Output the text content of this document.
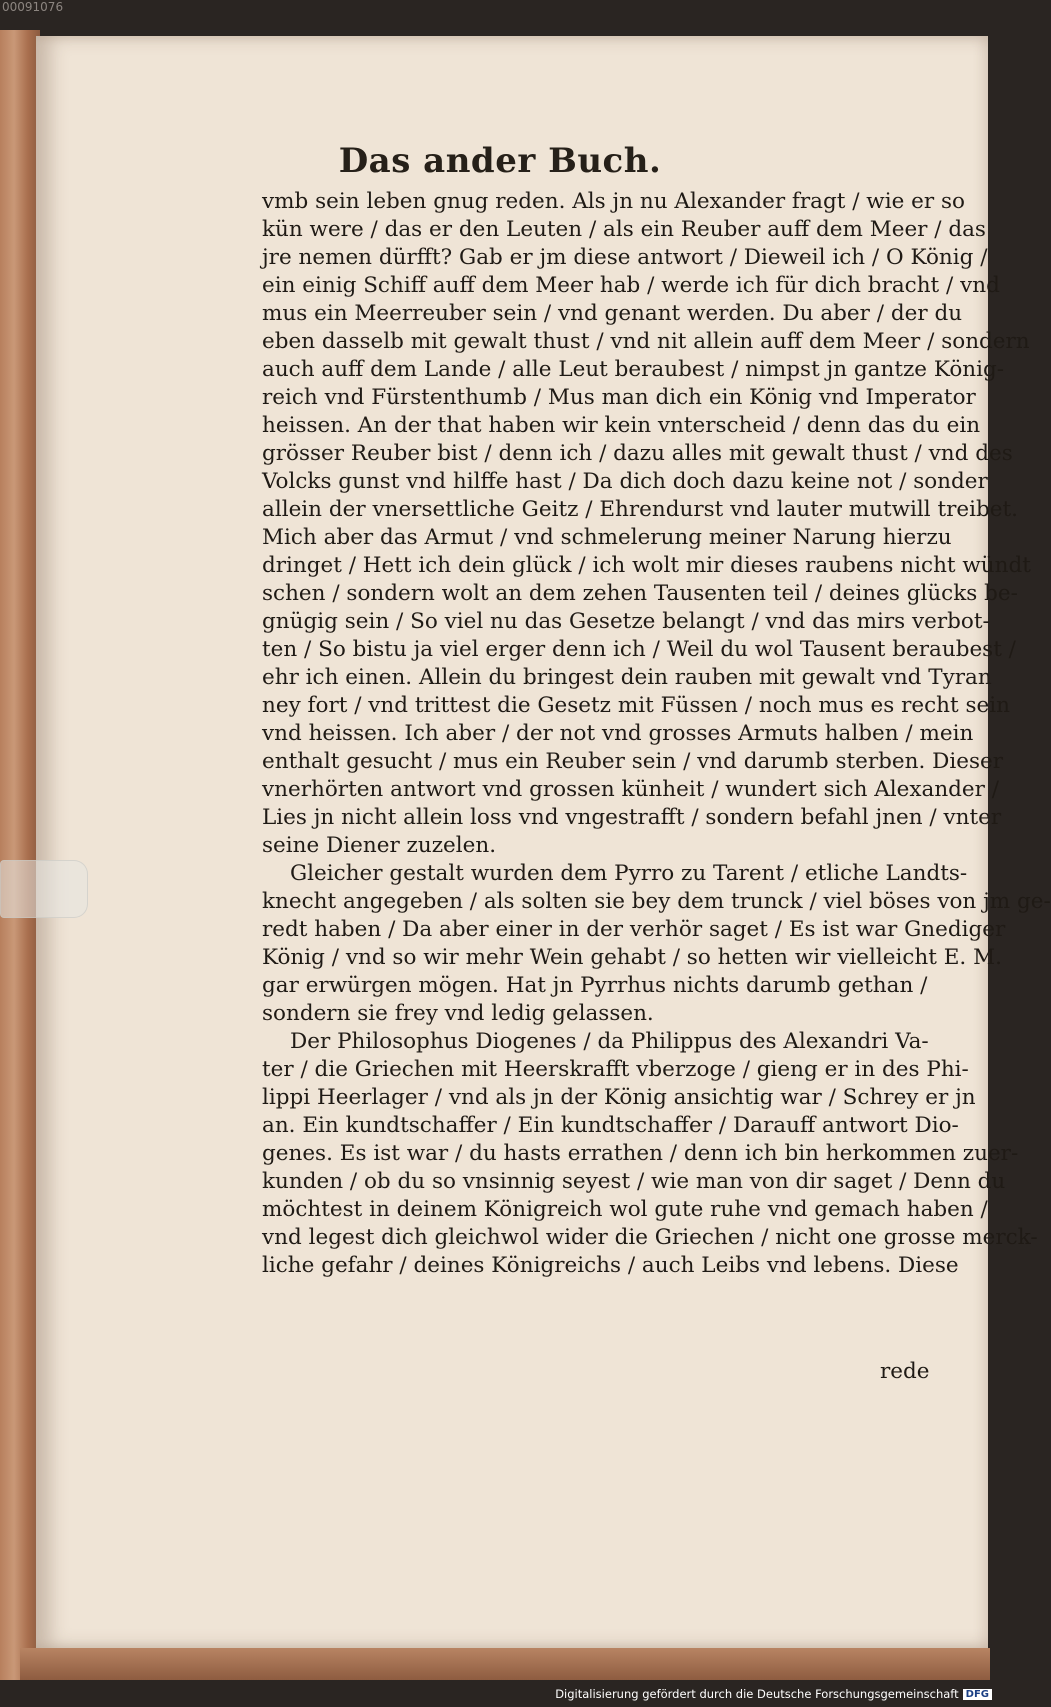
00091076
Das ander Buch.
vmb sein leben gnug reden. Als jn nu Alexander fragt / wie er so
kün were / das er den Leuten / als ein Reuber auff dem Meer / das
jre nemen dürfft? Gab er jm diese antwort / Dieweil ich / O König /
ein einig Schiff auff dem Meer hab / werde ich für dich bracht / vnd
mus ein Meerreuber sein / vnd genant werden. Du aber / der du
eben dasselb mit gewalt thust / vnd nit allein auff dem Meer / sondern
auch auff dem Lande / alle Leut beraubest / nimpst jn gantze König-
reich vnd Fürstenthumb / Mus man dich ein König vnd Imperator
heissen. An der that haben wir kein vnterscheid / denn das du ein
grösser Reuber bist / denn ich / dazu alles mit gewalt thust / vnd des
Volcks gunst vnd hilffe hast / Da dich doch dazu keine not / sonder
allein der vnersettliche Geitz / Ehrendurst vnd lauter mutwill treibet.
Mich aber das Armut / vnd schmelerung meiner Narung hierzu
dringet / Hett ich dein glück / ich wolt mir dieses raubens nicht wündt
schen / sondern wolt an dem zehen Tausenten teil / deines glücks be-
gnügig sein / So viel nu das Gesetze belangt / vnd das mirs verbot-
ten / So bistu ja viel erger denn ich / Weil du wol Tausent beraubest /
ehr ich einen. Allein du bringest dein rauben mit gewalt vnd Tyran
ney fort / vnd trittest die Gesetz mit Füssen / noch mus es recht sein
vnd heissen. Ich aber / der not vnd grosses Armuts halben / mein
enthalt gesucht / mus ein Reuber sein / vnd darumb sterben. Dieser
vnerhörten antwort vnd grossen künheit / wundert sich Alexander /
Lies jn nicht allein loss vnd vngestrafft / sondern befahl jnen / vnter
seine Diener zuzelen.
Gleicher gestalt wurden dem Pyrro zu Tarent / etliche Landts-
knecht angegeben / als solten sie bey dem trunck / viel böses von jm ge-
redt haben / Da aber einer in der verhör saget / Es ist war Gnediger
König / vnd so wir mehr Wein gehabt / so hetten wir vielleicht E. M.
gar erwürgen mögen. Hat jn Pyrrhus nichts darumb gethan /
sondern sie frey vnd ledig gelassen.
Der Philosophus Diogenes / da Philippus des Alexandri Va-
ter / die Griechen mit Heerskrafft vberzoge / gieng er in des Phi-
lippi Heerlager / vnd als jn der König ansichtig war / Schrey er jn
an. Ein kundtschaffer / Ein kundtschaffer / Darauff antwort Dio-
genes. Es ist war / du hasts errathen / denn ich bin herkommen zuer-
kunden / ob du so vnsinnig seyest / wie man von dir saget / Denn du
möchtest in deinem Königreich wol gute ruhe vnd gemach haben /
vnd legest dich gleichwol wider die Griechen / nicht one grosse merck-
liche gefahr / deines Königreichs / auch Leibs vnd lebens. Diese
rede
Digitalisierung gefördert durch die Deutsche Forschungsgemeinschaft DFG
